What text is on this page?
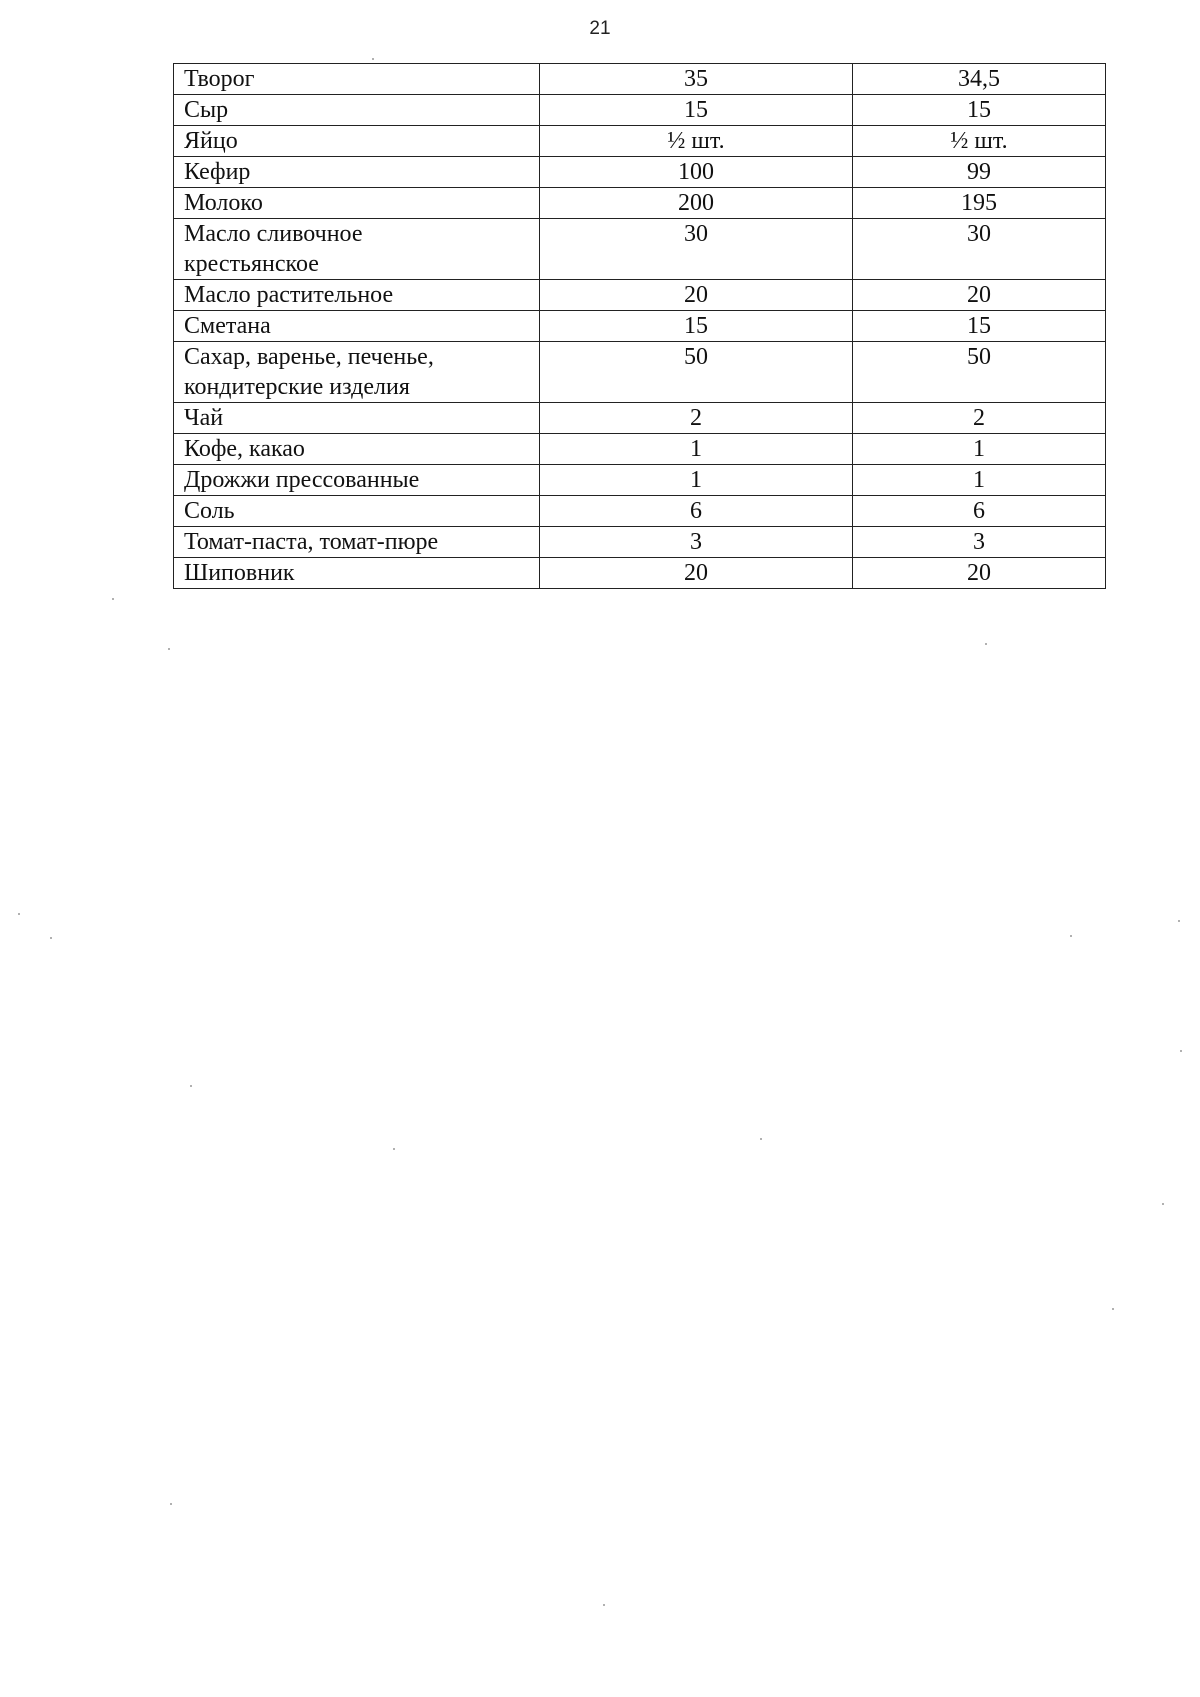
21
Творог	35	34,5
Сыр	15	15
Яйцо	½ шт.	½ шт.
Кефир	100	99
Молоко	200	195
Масло сливочное
крестьянское	30	30
Масло растительное	20	20
Сметана	15	15
Сахар, варенье, печенье,
кондитерские изделия	50	50
Чай	2	2
Кофе, какао	1	1
Дрожжи прессованные	1	1
Соль	6	6
Томат-паста, томат-пюре	3	3
Шиповник	20	20
